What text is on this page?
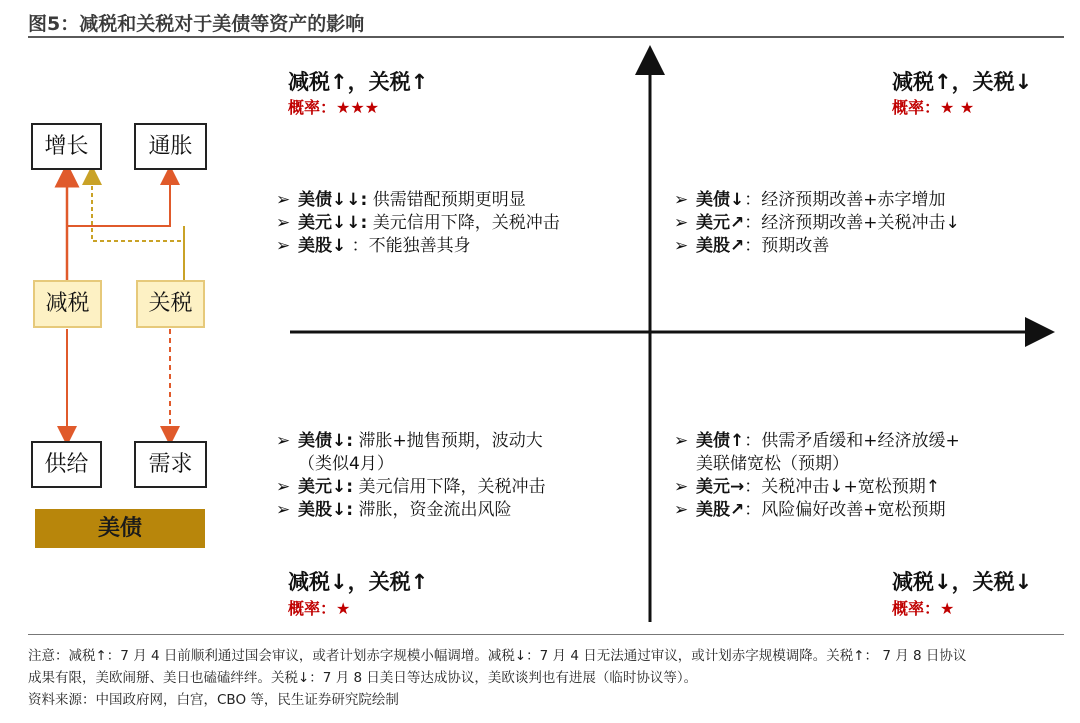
图5：减税和关税对于美债等资产的影响
增长	通胀
减税	关税
供给	需求
美债
减税↑，关税↑
概率：★★★
➢ 美债↓↓: 供需错配预期更明显
➢ 美元↓↓: 美元信用下降，关税冲击
➢ 美股↓ ：不能独善其身
减税↑，关税↓
概率：★ ★
➢ 美债↓：经济预期改善+赤字增加
➢ 美元↗：经济预期改善+关税冲击↓
➢ 美股↗：预期改善
➢ 美债↓: 滞胀+抛售预期，波动大
（类似4月）
➢ 美元↓: 美元信用下降，关税冲击
➢ 美股↓: 滞胀，资金流出风险
减税↓，关税↑
概率：★
➢ 美债↑：供需矛盾缓和+经济放缓+
美联储宽松（预期）
➢ 美元→：关税冲击↓+宽松预期↑
➢ 美股↗：风险偏好改善+宽松预期
减税↓，关税↓
概率：★
注意：减税↑：7 月 4 日前顺利通过国会审议，或者计划赤字规模小幅调增。减税↓：7 月 4 日无法通过审议，或计划赤字规模调降。关税↑： 7 月 8 日协议
成果有限，美欧闹掰、美日也磕磕绊绊。关税↓：7 月 8 日美日等达成协议，美欧谈判也有进展（临时协议等）。
资料来源：中国政府网，白宫，CBO 等，民生证券研究院绘制
